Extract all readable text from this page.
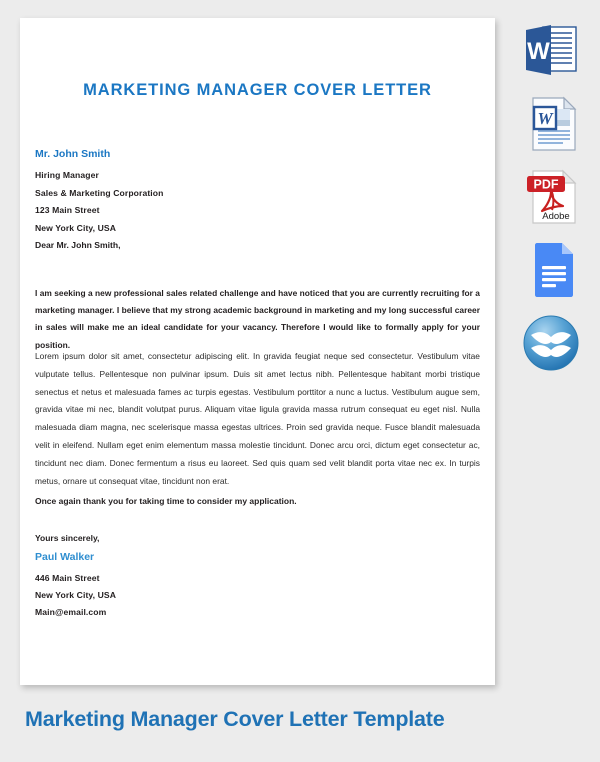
MARKETING MANAGER COVER LETTER
Mr. John Smith
Hiring Manager
Sales & Marketing Corporation
123 Main Street
New York City, USA
Dear Mr. John Smith,
I am seeking a new professional sales related challenge and have noticed that you are currently recruiting for a marketing manager. I believe that my strong academic background in marketing and my long successful career in sales will make me an ideal candidate for your vacancy. Therefore I would like to formally apply for your position.
Lorem ipsum dolor sit amet, consectetur adipiscing elit. In gravida feugiat neque sed consectetur. Vestibulum vitae vulputate tellus. Pellentesque non pulvinar ipsum. Duis sit amet lectus nibh. Pellentesque habitant morbi tristique senectus et netus et malesuada fames ac turpis egestas. Vestibulum porttitor a nunc a luctus. Vestibulum augue sem, gravida vitae mi nec, blandit volutpat purus. Aliquam vitae ligula gravida massa rutrum consequat eu eget nisl. Nulla malesuada diam magna, nec scelerisque massa egestas ultrices. Proin sed gravida neque. Fusce blandit malesuada velit in eleifend. Nullam eget enim elementum massa molestie tincidunt. Donec arcu orci, dictum eget consectetur ac, tincidunt nec diam. Donec fermentum a risus eu laoreet. Sed quis quam sed velit blandit porta vitae nec ex. In turpis metus, ornare ut consequat vitae, tincidunt non erat.
Once again thank you for taking time to consider my application.
Yours sincerely,
Paul Walker
446 Main Street
New York City, USA
Main@email.com
W
W
PDF
Adobe
Marketing Manager Cover Letter Template
